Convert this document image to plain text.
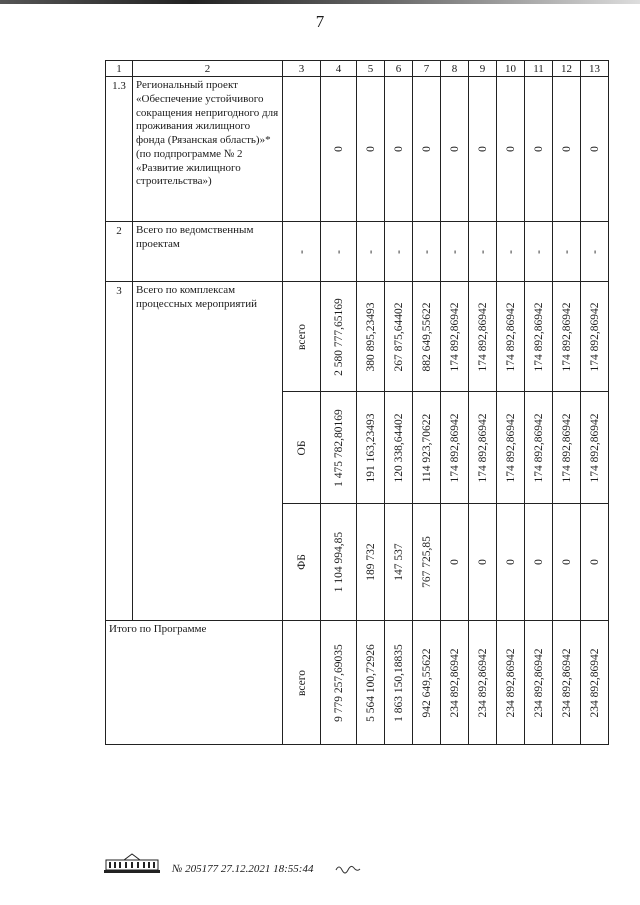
7
1	2	3	4	5	6	7	8	9	10	11	12	13
1.3	Региональный проект «Обеспечение устойчивого сокращения непригодного для проживания жилищного фонда (Рязанская область)»* (по подпрограмме № 2 «Развитие жилищного строительства»)		0	0	0	0	0	0	0	0	0	0

2	Всего по ведомственным проектам	-	-	-	-	-	-	-	-	-	-	-

3	Всего по комплексам процессных мероприятий	всего	2 580 777,65169	380 895,23493	267 875,64402	882 649,55622	174 892,86942	174 892,86942	174 892,86942	174 892,86942	174 892,86942	174 892,86942

		ОБ	1 475 782,80169	191 163,23493	120 338,64402	114 923,70622	174 892,86942	174 892,86942	174 892,86942	174 892,86942	174 892,86942	174 892,86942

		ФБ	1 104 994,85	189 732	147 537	767 725,85	0	0	0	0	0	0

Итого по Программе		всего	9 779 257,69035	5 564 100,72926	1 863 150,18835	942 649,55622	234 892,86942	234 892,86942	234 892,86942	234 892,86942	234 892,86942	234 892,86942
№ 205177 27.12.2021 18:55:44
